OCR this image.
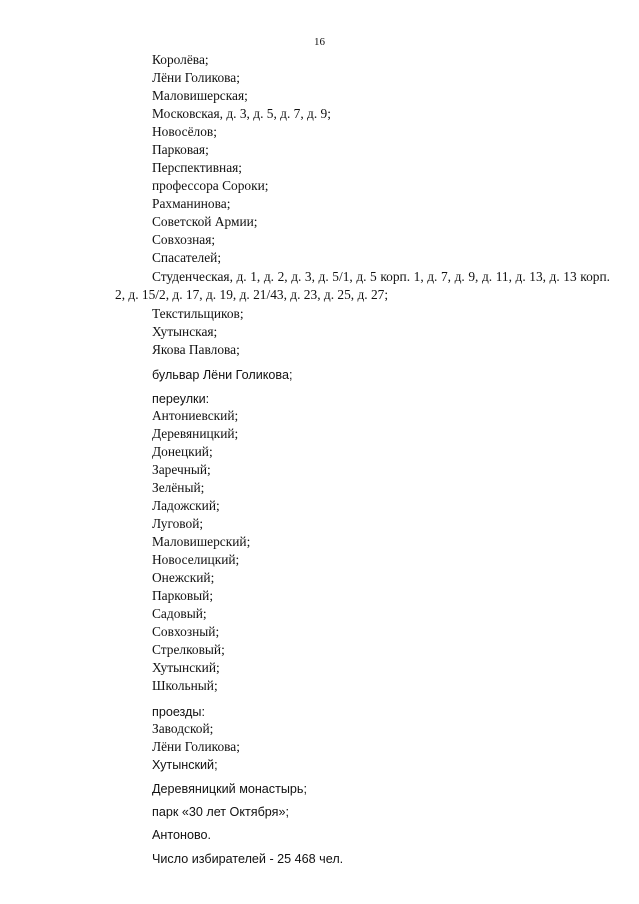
16
Королёва;
Лёни Голикова;
Маловишерская;
Московская, д. 3, д. 5, д. 7, д. 9;
Новосёлов;
Парковая;
Перспективная;
профессора Сороки;
Рахманинова;
Советской Армии;
Совхозная;
Спасателей;
Студенческая, д. 1, д. 2, д. 3, д. 5/1, д. 5 корп. 1, д. 7, д. 9, д. 11, д. 13, д. 13 корп. 2, д. 15/2, д. 17, д. 19, д. 21/43, д. 23, д. 25, д. 27;
Текстильщиков;
Хутынская;
Якова Павлова;
бульвар Лёни Голикова;
переулки:
Антониевский;
Деревяницкий;
Донецкий;
Заречный;
Зелёный;
Ладожский;
Луговой;
Маловишерский;
Новоселицкий;
Онежский;
Парковый;
Садовый;
Совхозный;
Стрелковый;
Хутынский;
Школьный;
проезды:
Заводской;
Лёни Голикова;
Хутынский;
Деревяницкий монастырь;
парк «30 лет Октября»;
Антоново.
Число избирателей - 25 468 чел.
